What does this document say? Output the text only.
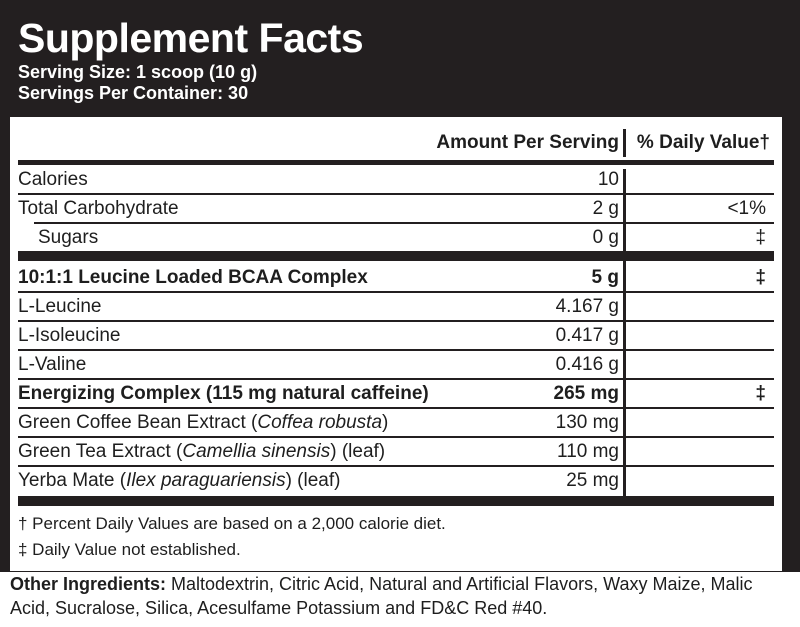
Supplement Facts
Serving Size: 1 scoop (10 g)
Servings Per Container: 30
Amount Per Serving % Daily Value†
Calories	10
Total Carbohydrate	2 g	<1%
Sugars	0 g	‡
10:1:1 Leucine Loaded BCAA Complex	5 g	‡
L-Leucine	4.167 g
L-Isoleucine	0.417 g
L-Valine	0.416 g
Energizing Complex (115 mg natural caffeine)	265 mg	‡
Green Coffee Bean Extract (Coffea robusta)	130 mg
Green Tea Extract (Camellia sinensis) (leaf)	110 mg
Yerba Mate (Ilex paraguariensis) (leaf)	25 mg
† Percent Daily Values are based on a 2,000 calorie diet.
‡ Daily Value not established.
Other Ingredients: Maltodextrin, Citric Acid, Natural and Artificial Flavors, Waxy Maize, Malic Acid, Sucralose, Silica, Acesulfame Potassium and FD&C Red #40.
